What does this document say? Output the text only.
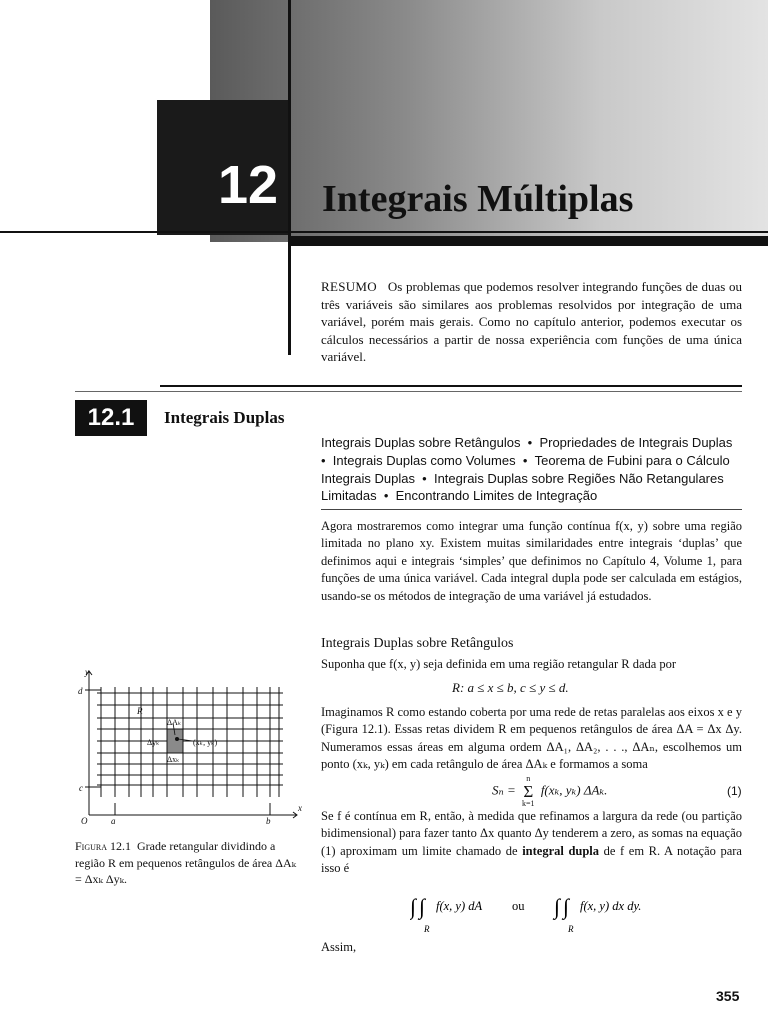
12 Integrais Múltiplas
RESUMO Os problemas que podemos resolver integrando funções de duas ou três variáveis são similares aos problemas resolvidos por integração de uma variável, porém mais gerais. Como no capítulo anterior, podemos executar os cálculos necessários a partir de nossa experiência com funções de uma única variável.
12.1	Integrais Duplas
Integrais Duplas sobre Retângulos  •  Propriedades de Integrais Duplas
•  Integrais Duplas como Volumes  •  Teorema de Fubini para o Cálculo Integrais Duplas  •  Integrais Duplas sobre Regiões Não Retangulares Limitadas  •  Encontrando Limites de Integração
Agora mostraremos como integrar uma função contínua f(x, y) sobre uma região limitada no plano xy. Existem muitas similaridades entre integrais ‘duplas’ que definimos aqui e integrais ‘simples’ que definimos no Capítulo 4, Volume 1, para funções de uma única variável. Cada integral dupla pode ser calculada em estágios, usando-se os métodos de integração de uma variável já estudados.
Integrais Duplas sobre Retângulos
Suponha que f(x, y) seja definida em uma região retangular R dada por
R: a ≤ x ≤ b, c ≤ y ≤ d.
Imaginamos R como estando coberta por uma rede de retas paralelas aos eixos x e y (Figura 12.1). Essas retas dividem R em pequenos retângulos de área ΔA = Δx Δy. Numeramos essas áreas em alguma ordem ΔA₁, ΔA₂, . . ., ΔAₙ, escolhemos um ponto (xₖ, yₖ) em cada retângulo de área ΔAₖ e formamos a soma
Sₙ =
n
Σ
k=1
f(xₖ, yₖ) ΔAₖ.	(1)
Se f é contínua em R, então, à medida que refinamos a largura da rede (ou partição bidimensional) para fazer tanto Δx quanto Δy tenderem a zero, as somas na equação (1) aproximam um limite chamado de integral dupla de f em R. A notação para isso é
∫ ∫
R
f(x, y) dA ou ∫ ∫
R
f(x, y) dx dy.
Assim,
355
y
x
d
c
O	a	b
R
ΔAₖ
Δyₖ
Δxₖ
(xₖ, yₖ)
Figura 12.1 Grade retangular dividindo a região R em pequenos retângulos de área ΔAₖ = Δxₖ Δyₖ.
